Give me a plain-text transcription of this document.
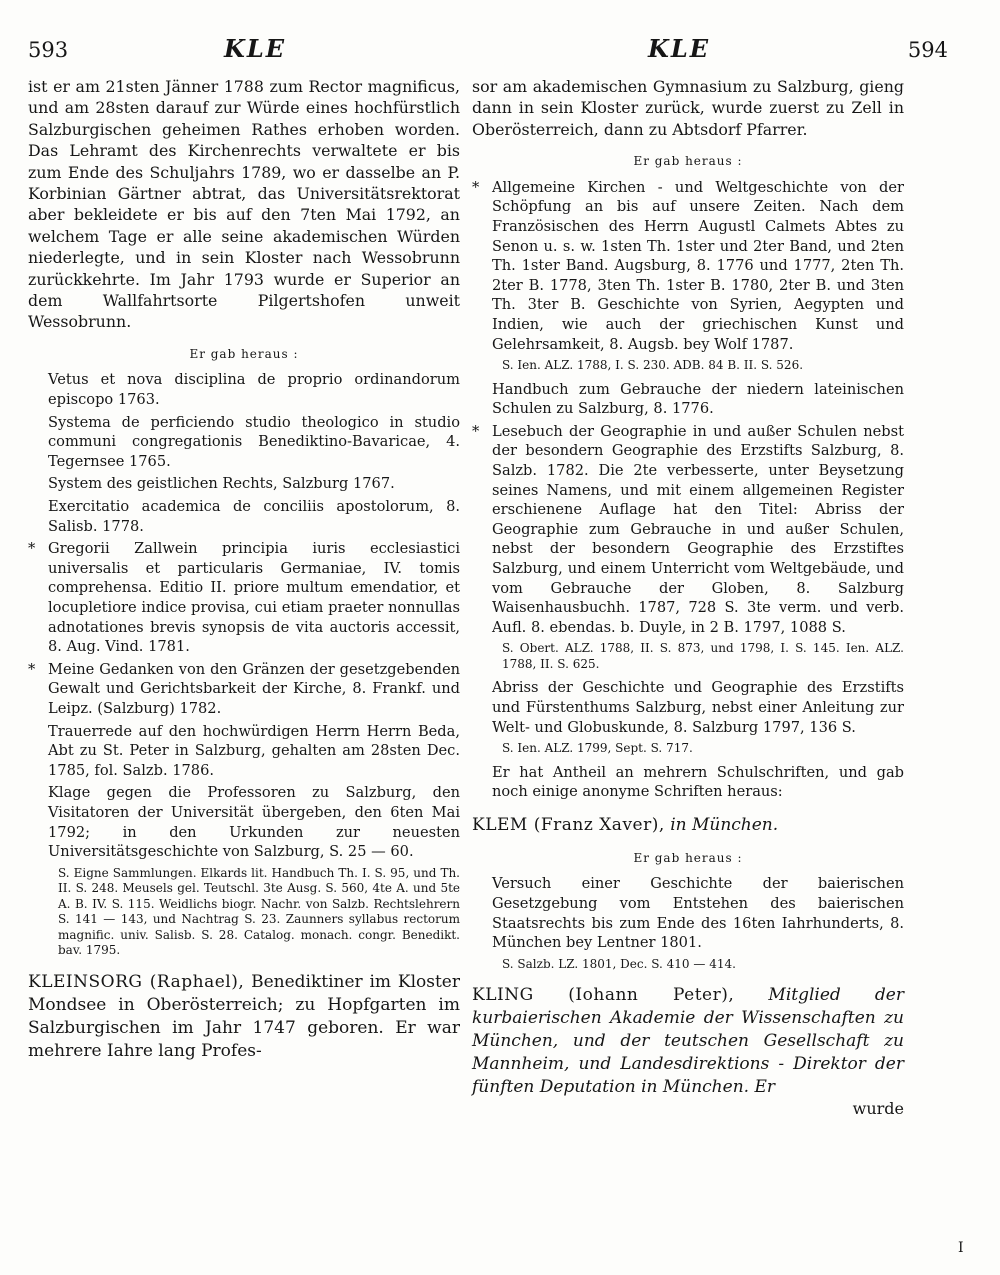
593	KLE	KLE	594

ist er am 21sten Jänner 1788 zum Rector magnificus, und am 28sten darauf zur Würde eines hochfürstlich Salzburgischen geheimen Rathes erhoben worden. Das Lehramt des Kirchenrechts verwaltete er bis zum Ende des Schuljahrs 1789, wo er dasselbe an P. Korbinian Gärtner abtrat, das Universitätsrektorat aber bekleidete er bis auf den 7ten Mai 1792, an welchem Tage er alle seine akademischen Würden niederlegte, und in sein Kloster nach Wessobrunn zurückkehrte. Im Jahr 1793 wurde er Superior an dem Wallfahrtsorte Pilgertshofen unweit Wessobrunn.

Er gab heraus :

Vetus et nova disciplina de proprio ordinandorum episcopo 1763.

Systema de perficiendo studio theologico in studio communi congregationis Benediktino-Bavaricae, 4. Tegernsee 1765.

System des geistlichen Rechts, Salzburg 1767.

Exercitatio academica de conciliis apostolorum, 8. Salisb. 1778.

* Gregorii Zallwein principia iuris ecclesiastici universalis et particularis Germaniae, IV. tomis comprehensa. Editio II. priore multum emendatior, et locupletiore indice provisa, cui etiam praeter nonnullas adnotationes brevis synopsis de vita auctoris accessit, 8. Aug. Vind. 1781.

* Meine Gedanken von den Gränzen der gesetzgebenden Gewalt und Gerichtsbarkeit der Kirche, 8. Frankf. und Leipz. (Salzburg) 1782.

Trauerrede auf den hochwürdigen Herrn Herrn Beda, Abt zu St. Peter in Salzburg, gehalten am 28sten Dec. 1785, fol. Salzb. 1786.

Klage gegen die Professoren zu Salzburg, den Visitatoren der Universität übergeben, den 6ten Mai 1792; in den Urkunden zur neuesten Universitätsgeschichte von Salzburg, S. 25 — 60.

S. Eigne Sammlungen. Elkards lit. Handbuch Th. I. S. 95, und Th. II. S. 248. Meusels gel. Teutschl. 3te Ausg. S. 560, 4te A. und 5te A. B. IV. S. 115. Weidlichs biogr. Nachr. von Salzb. Rechtslehrern S. 141 — 143, und Nachtrag S. 23. Zaunners syllabus rectorum magnific. univ. Salisb. S. 28. Catalog. monach. congr. Benedikt. bav. 1795.

KLEINSORG (Raphael), Benediktiner im Kloster Mondsee in Oberösterreich; zu Hopfgarten im Salzburgischen im Jahr 1747 geboren. Er war mehrere Iahre lang Profes-

sor am akademischen Gymnasium zu Salzburg, gieng dann in sein Kloster zurück, wurde zuerst zu Zell in Oberösterreich, dann zu Abtsdorf Pfarrer.

Er gab heraus :

* Allgemeine Kirchen - und Weltgeschichte von der Schöpfung an bis auf unsere Zeiten. Nach dem Französischen des Herrn Augustl Calmets Abtes zu Senon u. s. w. 1sten Th. 1ster und 2ter Band, und 2ten Th. 1ster Band. Augsburg, 8. 1776 und 1777, 2ten Th. 2ter B. 1778, 3ten Th. 1ster B. 1780, 2ter B. und 3ten Th. 3ter B. Geschichte von Syrien, Aegypten und Indien, wie auch der griechischen Kunst und Gelehrsamkeit, 8. Augsb. bey Wolf 1787.

S. Ien. ALZ. 1788, I. S. 230. ADB. 84 B. II. S. 526.

Handbuch zum Gebrauche der niedern lateinischen Schulen zu Salzburg, 8. 1776.

* Lesebuch der Geographie in und außer Schulen nebst der besondern Geographie des Erzstifts Salzburg, 8. Salzb. 1782. Die 2te verbesserte, unter Beysetzung seines Namens, und mit einem allgemeinen Register erschienene Auflage hat den Titel: Abriss der Geographie zum Gebrauche in und außer Schulen, nebst der besondern Geographie des Erzstiftes Salzburg, und einem Unterricht vom Weltgebäude, und vom Gebrauche der Globen, 8. Salzburg Waisenhausbuchh. 1787, 728 S. 3te verm. und verb. Aufl. 8. ebendas. b. Duyle, in 2 B. 1797, 1088 S.

S. Obert. ALZ. 1788, II. S. 873, und 1798, I. S. 145. Ien. ALZ. 1788, II. S. 625.

Abriss der Geschichte und Geographie des Erzstifts und Fürstenthums Salzburg, nebst einer Anleitung zur Welt- und Globuskunde, 8. Salzburg 1797, 136 S.

S. Ien. ALZ. 1799, Sept. S. 717.

Er hat Antheil an mehrern Schulschriften, und gab noch einige anonyme Schriften heraus:

KLEM (Franz Xaver), in München.

Er gab heraus :

Versuch einer Geschichte der baierischen Gesetzgebung vom Entstehen des baierischen Staatsrechts bis zum Ende des 16ten Iahrhunderts, 8. München bey Lentner 1801.

S. Salzb. LZ. 1801, Dec. S. 410 — 414.

KLING (Iohann Peter), Mitglied der kurbaierischen Akademie der Wissenschaften zu München, und der teutschen Gesellschaft zu Mannheim, und Landesdirektions - Direktor der fünften Deputation in München. Er

wurde
I
